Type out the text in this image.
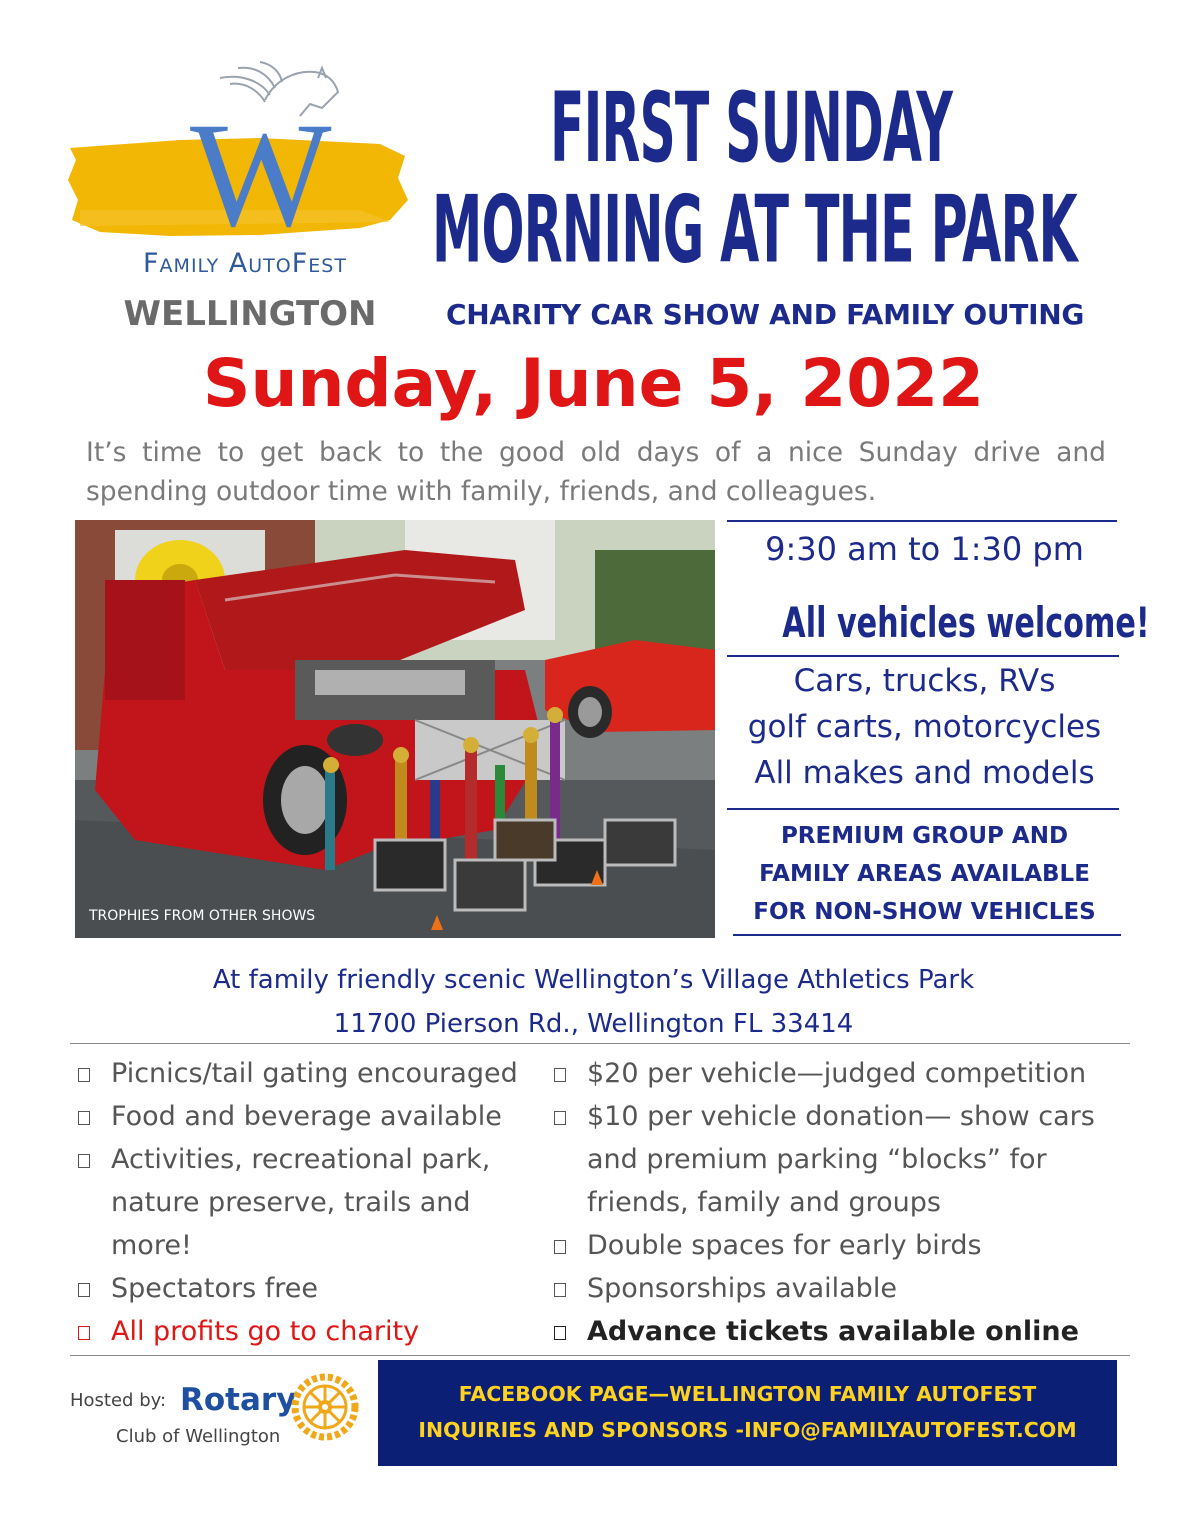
W
Family AutoFest
WELLINGTON
FIRST SUNDAY
MORNING AT THE PARK
CHARITY CAR SHOW AND FAMILY OUTING
Sunday, June 5, 2022
It’s time to get back to the good old days of a nice Sunday drive and spending outdoor time with family, friends, and colleagues.
TROPHIES FROM OTHER SHOWS
9:30 am to 1:30 pm
All vehicles welcome!
Cars, trucks, RVs
golf carts, motorcycles
All makes and models
PREMIUM GROUP AND
FAMILY AREAS AVAILABLE
FOR NON-SHOW VEHICLES
At family friendly scenic Wellington’s Village Athletics Park
11700 Pierson Rd., Wellington FL 33414
Picnics/tail gating encouraged
Food and beverage available
Activities, recreational park, nature preserve, trails and more!
Spectators free
All profits go to charity
$20 per vehicle—judged competition
$10 per vehicle donation— show cars and premium parking “blocks” for friends, family and groups
Double spaces for early birds
Sponsorships available
Advance tickets available online
Hosted by: Rotary
Club of Wellington
FACEBOOK PAGE—WELLINGTON FAMILY AUTOFEST
INQUIRIES AND SPONSORS -INFO@FAMILYAUTOFEST.COM
